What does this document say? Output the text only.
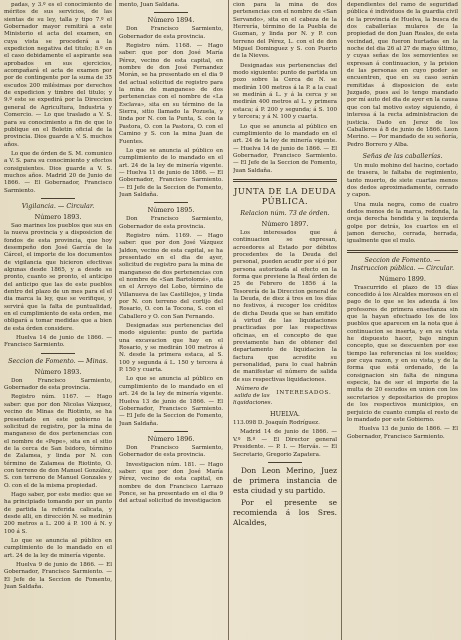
padas, y 3.º es el conocimiento de méritos de sus servicios, de las sientas de su ley, talla y tipo 7.º el Gobernador mayor remitirá a este Ministerio el acta del examen, en cuya vista se procederá a la expedicion negativa del titulo; 8.º en el caso debidamente el aspirante sea aprobados en sus ejercicios, acompañará el acta de examen por por de contingente por la suma de 35 escudos 200 milésimas por derechos de expedicion y timbre del titulo; y 9.º este se expedirá por la Direccion general de Agricultura, Industria y Comercio. — Lo que traslado a V. S. para su conocimiento a fin de que lo publique en el Boletin oficial de la provincia. Dios guarde a V. S. muchos años.

Lo que de órden de S. M. comunico a V. S. para su conocimiento y efectos consiguientes. Dios guarde a V. S. muchos años. Madrid 20 de Junio de 1866. — El Gobernador, Francisco Sarmiento.

Vigilancia. — Circular.
Número 1893.

Sao marines los pueblos que sus en la nueva provincia y a disposicion de fondos de esta provincia, que hoy desempeño don José García de la Cárcel, el importe de los documentos de vigilancia que hicieron efectivas algunas desde 1865, y a desde su pronto, cuanto se pronto, el anticipo del anticipo que las de este pueblos dentro del plazo de un mes para el el dia marca la ley, que se verifique, y servirá que la falta de puntualidad, en el cumplimiento de esta orden, me obligará a tomar medidas que a bien de esta órden considere.

Huelva 14 de junio de 1866. — Francisco Sarmiento.

Seccion de Fomento. — Minas.
Número 1893.

Don Francisco Sarmiento, Gobernador de esta provincia.

Registro núm. 1167. — Hago saber: que por don Nicolas Vázquez, vecino de Minas de Riotinto, se ha presentado en este gobierno la solicitud de registro, por la mina de manganeso de dos pertenencias con el nombre de «Pepe», sita en el sitio de la cerca de San Isidoro, término de Zalamea, y linda por N. con término de Zalamea de Riotinto, O. con terreno de don Manuel González, S. con terreno de Manuel Gonzales y O. con el de la misma propiedad.

Hago saber, por este medio: que se ha principiado tomando por un punto de partida la referida calicata, y desde alli, en dirección N. se medirán 200 metros a L. 200 á P. 100 á N. y 100 á S.

Lo que se anuncia al público en cumplimiento de lo mandado en el art. 24 de la ley de minería vigente.

Huelva 9 de junio de 1866. — El Gobernador, Francisco Sarmiento. — El Jefe de la Seccion de Fomento, Juan Saldaña.

mento, Juan Saldaña.

Número 1894.

Don Francisco Sarmiento, Gobernador de esta provincia.

Registro núm. 1168. — Hago saber: que por don José María Pérez, vecino de esta capital, en nombre de don José Fernandez Morán, se ha presentado en el dia 9 del actual solicitud de registro para la mina de manganeso de dos pertenencias con el nombre de «La Esclava», sita en su término de la Sierra, sitio llamado la Pozuela, y linda por N. con la Punta, S. con la Pastora, O. con la Pastora, O. con el Camino y S. con la mina Juan de Fuentes.

Lo que se anuncia al público en cumplimiento de lo mandado en el art. 24 de la ley de minería vigente. — Huelva 11 de junio de 1866. — El Gobernador, Francisco Sarmiento. — El Jefe de la Seccion de Fomento, Juan Saldaña.

Número 1895.

Don Francisco Sarmiento, Gobernador de esta provincia.

Registro núm. 1169. — Hago saber: que por don José Vázquez Jaldon, vecino de esta capital, se ha presentado en el dia de ayer, solicitud de registro para la mina de manganeso de dos pertenencias con el nombre de «San Bartolomé», sita en el Arroyo del Lobo, término de Villanueva de las Castillejos, y linda por N. con terreno del cortijo del Rosario, O. con la Tocona, S. con el Caballero y O. con San Fernando.

Designadas sus pertenencias del modo siguiente: punto de partida una excavacion que hay en el Rosario, y se medirán 100 metros á N. desde la primera estaca, al S. 100 y segunda á L. 150 y tercera á P. 150 y cuarta.

Lo que se anuncia al público en cumplimiento de lo mandado en el art. 24 de la ley de minería vigente. Huelva 13 de junio de 1866. — El Gobernador, Francisco Sarmiento. — El Jefe de la Seccion de Fomento, Juan Saldaña.

Número 1896.

Don Francisco Sarmiento, Gobernador de esta provincia.

Investigacion núm. 181. — Hago saber: que por don José María Pérez, vecino de esta capital, en nombre de don Francisco Larrazo Ponce, se ha presentado en el dia 9 del actual solicitud de investigacion

cion para la mina de dos pertenencias con el nombre de «San Servando», sita en el cabeza de la Herrería, término de la Puebla de Guzman, y linda por N. y P. con terreno del Pérez, L. con el de don Miguel Dominguez y S. con Puerto de la Nieves.

Designadas sus pertenencias del modo siguiente: punto de partida un pozo sobre la Cerca de N. se medirán 100 metros á la P. a la cual se medirán á L. y á la cerca y se medirán 400 metros al L. y primera estaca; á P. 200 y segunda; á S. 100 y tercera; y á N. 100 y cuarta.

Lo que se anuncia al público en cumplimiento de lo mandado en el art. 24 de la ley de minería vigente. — Huelva 14 de junio de 1866. — El Gobernador, Francisco Sarmiento. — El Jefe de la Seccion de Fomento, Juan Saldaña.

JUNTA DE LA DEUDA PÚBLICA.
Relacion núm. 73 de órden.
Número 1897.

Los interesados que á continuacion se expresan, acreedores al Estado por débitos procedentes de la Deuda del personal, pueden acudir por sí ó por persona autorizada al efecto en la forma que previene la Real órden de 25 de Febrero de 1856 á la Tesorería de la Direccion general de la Deuda, de diez á tres en los días no festivos, á recoger los créditos de dicha Deuda que se han emitido á virtud de las liquidaciones practicadas por las respectivas oficinas, en el concepto de que previamente han de obtener del departamento de liquidacion la factura que acredite su personalidad, para lo cual habrán de manifestar el número de salida de sus respectivas liquidaciones.

Número de salida de las liquidaciones.
INTERESADOS.
HUELVA.

113.098 D. Joaquín Rodríguez.

Madrid 14 de junio de 1866. — V.º B.º — El Director general Presidente. — P. I. — Hervás. — El Secretario, Gregorio Zapatera.

Don Leon Merino, Juez de primera instancia de esta ciudad y su partido.

Por el presente se recomienda á los Sres. Alcaldes,

dependientes del ramo de seguridad pública é individuos de la guardia civil de la provincia de Huelva, la busca de dos caballerías mulares de la propiedad de don Juan Reales, de esta vecindad, que fueron hurtadas en la noche del dia 26 al 27 de mayo último, y cuyas señas de los semovientes se expresan á continuacion, y la prision de las personas en cuyo poder se encuentren, que en su caso serán remitidas á disposicion de este Juzgado, pues así lo tengo mandado por mí auto del dia de ayer en la causa que con tal motivo estoy siguiendo, é interesa á la recta administracion de justicia. Dado en Jerez de los Caballeros á 8 de junio de 1866. Leon Merino. — Por mandado de su señoría, Pedro Borrero y Alba.

Señas de las caballerías.

Un mulo mohino del hacino, cortado de trasera, le faltaba de regimiento, tanto muerto, de siete cuartas menos dos dedos aproximadamente, cerrado y capon.

Una mula negra, como de cuatro dedos menos de la marca, redonda, la oreja derecha hendida y la izquierda golpe por detrás, los cuartos en el jamon derecho, cerrada, herrada, igualmente que el mulo.

Seccion de Fomento. — Instruccion pública. — Circular.
Número 1899.

Trascurrido el plazo de 15 días concedido á los Alcaldes morosos en el pago de lo que se les adeuda á los profesores de primera enseñanza sin que la hayan efectuado los de los pueblos que aparecen en la nota que á continuacion se inserta, y en su vista he dispuesto hacer, bajo ningun concepto, que se descuenten por ese tiempo las referencias ni los sueldos; por cuya razon, y en su vista, y de la forma que está ordenado, de la consignacion sin falta de ninguna especie, ha de ser el importe de la multa de 20 escudos en union con los secretarios y depositarios de propios de los respectivos municipios, en perjuicio de cuanto cumpla el resto de lo mandado por este Gobierno.

Huelva 13 de junio de 1866. — El Gobernador, Francisco Sarmiento.
